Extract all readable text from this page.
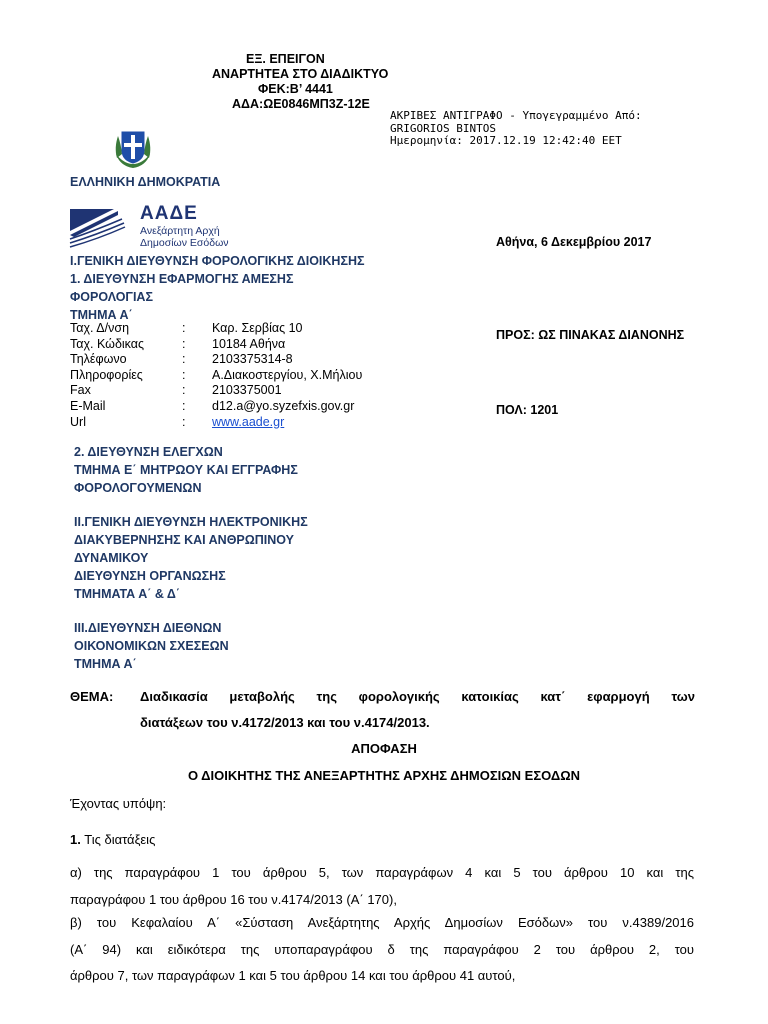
ΕΞ. ΕΠΕΙΓΟΝ
ΑΝΑΡΤΗΤΕΑ ΣΤΟ ΔΙΑΔΙΚΤΥΟ
ΦΕΚ:Β’ 4441
ΑΔΑ:ΩΕ0846ΜΠ3Ζ-12Ε
ΑΚΡΙΒΕΣ ΑΝΤΙΓΡΑΦΟ - Υπογεγραμμένο Από:
GRIGORIOS BINTOS
Ημερομηνία: 2017.12.19 12:42:40 EET
ΕΛΛΗΝΙΚΗ ΔΗΜΟΚΡΑΤΙΑ
ΑΑΔΕ
Ανεξάρτητη Αρχή
Δημοσίων Εσόδων
Ι.ΓΕΝΙΚΗ ΔΙΕΥΘΥΝΣΗ ΦΟΡΟΛΟΓΙΚΗΣ ΔΙΟΙΚΗΣΗΣ
1. ΔΙΕΥΘΥΝΣΗ ΕΦΑΡΜΟΓΗΣ ΑΜΕΣΗΣ
ΦΟΡΟΛΟΓΙΑΣ
ΤΜΗΜΑ Α΄
Ταχ. Δ/νση	:	Καρ. Σερβίας 10
Ταχ. Κώδικας	:	10184 Αθήνα
Τηλέφωνο	:	2103375314-8
Πληροφορίες	:	Α.Διακοστεργίου, Χ.Μήλιου
Fax	:	2103375001
E-Mail	:	d12.a@yo.syzefxis.gov.gr
Url	:	www.aade.gr
2. ΔΙΕΥΘΥΝΣΗ ΕΛΕΓΧΩΝ
ΤΜΗΜΑ Ε΄ ΜΗΤΡΩΟΥ ΚΑΙ ΕΓΓΡΑΦΗΣ
ΦΟΡΟΛΟΓΟΥΜΕΝΩΝ
ΙΙ.ΓΕΝΙΚΗ ΔΙΕΥΘΥΝΣΗ ΗΛΕΚΤΡΟΝΙΚΗΣ
ΔΙΑΚΥΒΕΡΝΗΣΗΣ ΚΑΙ ΑΝΘΡΩΠΙΝΟΥ
ΔΥΝΑΜΙΚΟΥ
ΔΙΕΥΘΥΝΣΗ ΟΡΓΑΝΩΣΗΣ
ΤΜΗΜΑΤΑ Α΄ & Δ΄
ΙΙΙ.ΔΙΕΥΘΥΝΣΗ ΔΙΕΘΝΩΝ
ΟΙΚΟΝΟΜΙΚΩΝ ΣΧΕΣΕΩΝ
ΤΜΗΜΑ Α΄
Αθήνα, 6 Δεκεμβρίου 2017
ΠΡΟΣ: ΩΣ ΠΙΝΑΚΑΣ ΔΙΑΝΟΝΗΣ
ΠΟΛ: 1201
ΘΕΜΑ: Διαδικασία μεταβολής της φορολογικής κατοικίας κατ΄ εφαρμογή των
διατάξεων του ν.4172/2013 και του ν.4174/2013.
ΑΠΟΦΑΣΗ
Ο ΔΙΟΙΚΗΤΗΣ ΤΗΣ ΑΝΕΞΑΡΤΗΤΗΣ ΑΡΧΗΣ ΔΗΜΟΣΙΩΝ ΕΣΟΔΩΝ
Έχοντας υπόψη:
1. Τις διατάξεις
α) της παραγράφου 1 του άρθρου 5, των παραγράφων 4 και 5 του άρθρου 10 και της
παραγράφου 1 του άρθρου 16 του ν.4174/2013 (Α΄ 170),
β) του Κεφαλαίου Α΄ «Σύσταση Ανεξάρτητης Αρχής Δημοσίων Εσόδων» του ν.4389/2016
(Α΄ 94) και ειδικότερα της υποπαραγράφου δ της παραγράφου 2 του άρθρου 2, του
άρθρου 7, των παραγράφων 1 και 5 του άρθρου 14 και του άρθρου 41 αυτού,
